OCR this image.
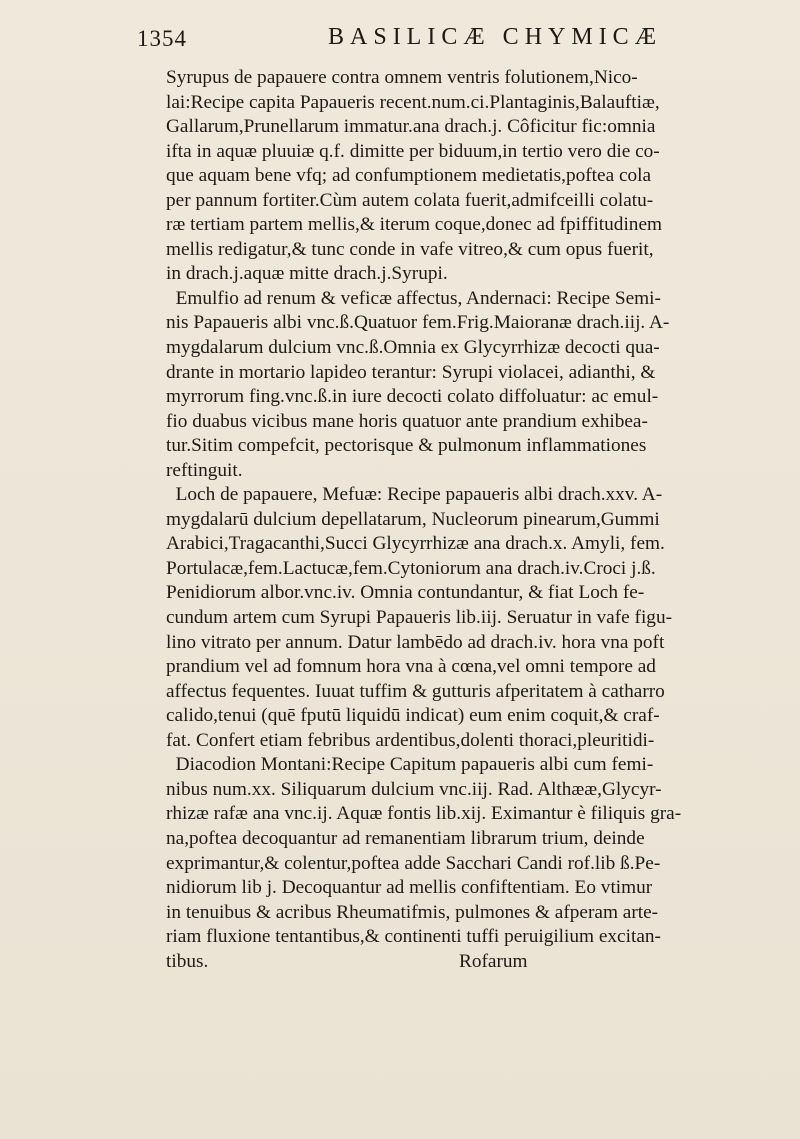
1354	BASILICÆ CHYMICÆ
Syrupus de papauere contra omnem ventris folutionem,Nico-
lai:Recipe capita Papaueris recent.num.ci.Plantaginis,Balauftiæ,
Gallarum,Prunellarum immatur.ana drach.j. Côficitur fic:omnia
ifta in aquæ pluuiæ q.f. dimitte per biduum,in tertio vero die co-
que aquam bene vfq; ad confumptionem medietatis,poftea cola
per pannum fortiter.Cùm autem colata fuerit,admifceilli colatu-
ræ tertiam partem mellis,& iterum coque,donec ad fpiffitudinem
mellis redigatur,& tunc conde in vafe vitreo,& cum opus fuerit,
in drach.j.aquæ mitte drach.j.Syrupi.
Emulfio ad renum & veficæ affectus, Andernaci: Recipe Semi-
nis Papaueris albi vnc.ß.Quatuor fem.Frig.Maioranæ drach.iij. A-
mygdalarum dulcium vnc.ß.Omnia ex Glycyrrhizæ decocti qua-
drante in mortario lapideo terantur: Syrupi violacei, adianthi, &
myrrorum fing.vnc.ß.in iure decocti colato diffoluatur: ac emul-
fio duabus vicibus mane horis quatuor ante prandium exhibea-
tur.Sitim compefcit, pectorisque & pulmonum inflammationes
reftinguit.
Loch de papauere, Mefuæ: Recipe papaueris albi drach.xxv. A-
mygdalarū dulcium depellatarum, Nucleorum pinearum,Gummi
Arabici,Tragacanthi,Succi Glycyrrhizæ ana drach.x. Amyli, fem.
Portulacæ,fem.Lactucæ,fem.Cytoniorum ana drach.iv.Croci j.ß.
Penidiorum albor.vnc.iv. Omnia contundantur, & fiat Loch fe-
cundum artem cum Syrupi Papaueris lib.iij. Seruatur in vafe figu-
lino vitrato per annum. Datur lambēdo ad drach.iv. hora vna poft
prandium vel ad fomnum hora vna à cœna,vel omni tempore ad
affectus fequentes. Iuuat tuffim & gutturis afperitatem à catharro
calido,tenui (quē fputū liquidū indicat) eum enim coquit,& craf-
fat. Confert etiam febribus ardentibus,dolenti thoraci,pleuritidi-
Diacodion Montani:Recipe Capitum papaueris albi cum femi-
nibus num.xx. Siliquarum dulcium vnc.iij. Rad. Althææ,Glycyr-
rhizæ rafæ ana vnc.ij. Aquæ fontis lib.xij. Eximantur è filiquis gra-
na,poftea decoquantur ad remanentiam librarum trium, deinde
exprimantur,& colentur,poftea adde Sacchari Candi rof.lib ß.Pe-
nidiorum lib j. Decoquantur ad mellis confiftentiam. Eo vtimur
in tenuibus & acribus Rheumatifmis, pulmones & afperam arte-
riam fluxione tentantibus,& continenti tuffi peruigilium excitan-
tibus.                                                    Rofarum
